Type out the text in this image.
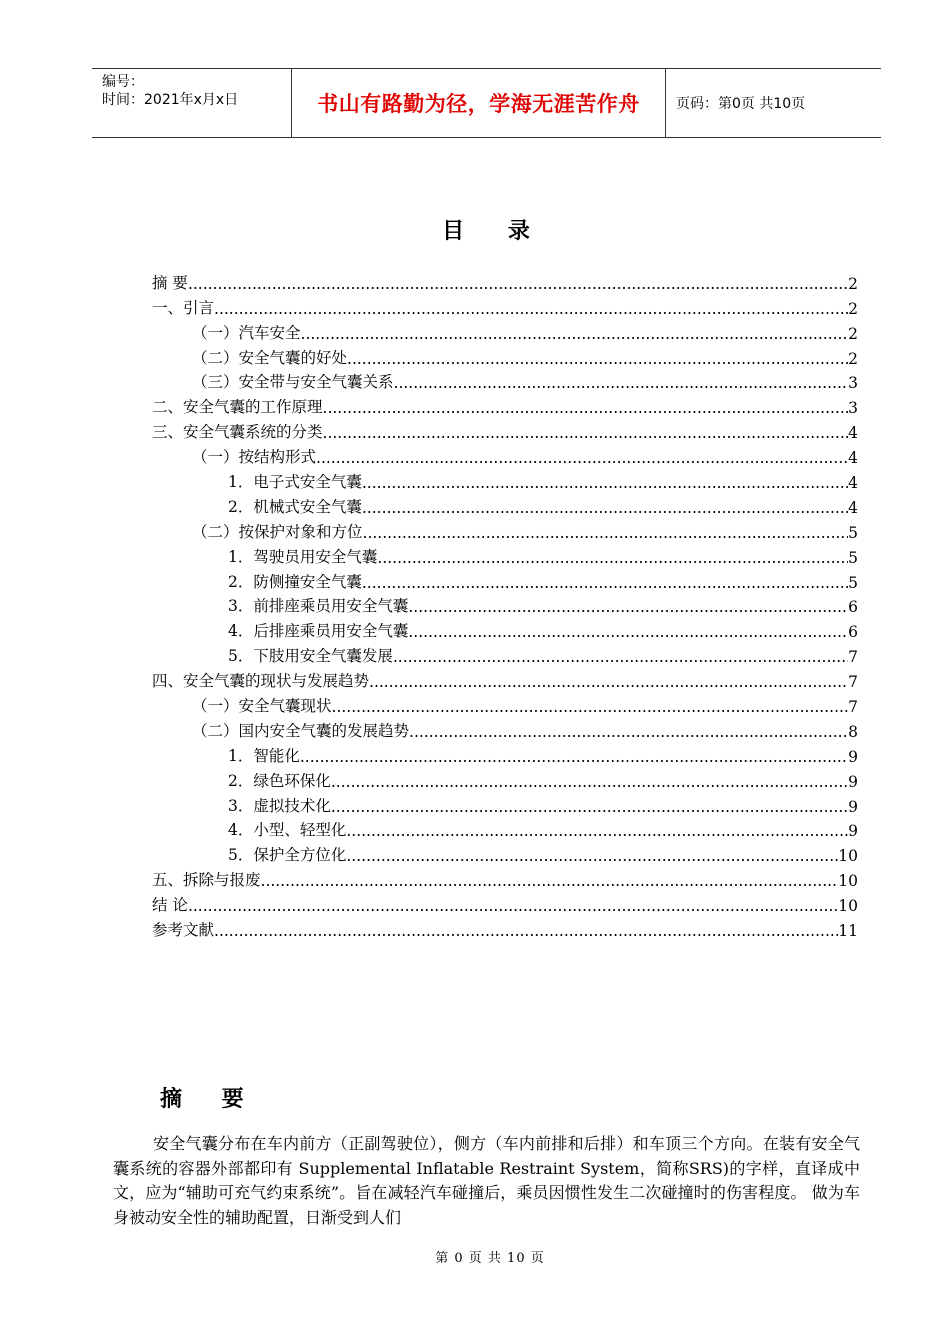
编号：
时间：2021年x月x日	书山有路勤为径，学海无涯苦作舟	页码：第0页 共10页
目 录
摘 要 .....	2
一、引言 .....	2
（一）汽车安全 .....	2
（二）安全气囊的好处 .....	2
（三）安全带与安全气囊关系 .....	3
二、安全气囊的工作原理 .....	3
三、安全气囊系统的分类 .....	4
（一）按结构形式 .....	4
1．电子式安全气囊 .....	4
2．机械式安全气囊 .....	4
（二）按保护对象和方位 .....	5
1．驾驶员用安全气囊 .....	5
2．防侧撞安全气囊 .....	5
3．前排座乘员用安全气囊 .....	6
4．后排座乘员用安全气囊 .....	6
5．下肢用安全气囊发展 .....	7
四、安全气囊的现状与发展趋势 .....	7
（一）安全气囊现状 .....	7
（二）国内安全气囊的发展趋势 .....	8
1．智能化 .....	9
2．绿色环保化 .....	9
3．虚拟技术化 .....	9
4．小型、轻型化 .....	9
5．保护全方位化 .....	10
五、拆除与报废 .....	10
结 论 .....	10
参考文献 .....	11
摘 要

安全气囊分布在车内前方（正副驾驶位），侧方（车内前排和后排）和车顶三个方向。在装有安全气囊系统的容器外部都印有 Supplemental Inflatable Restraint System，简称SRS)的字样，直译成中文，应为“辅助可充气约束系统”。旨在减轻汽车碰撞后，乘员因惯性发生二次碰撞时的伤害程度。 做为车身被动安全性的辅助配置，日渐受到人们

第 0 页 共 10 页
